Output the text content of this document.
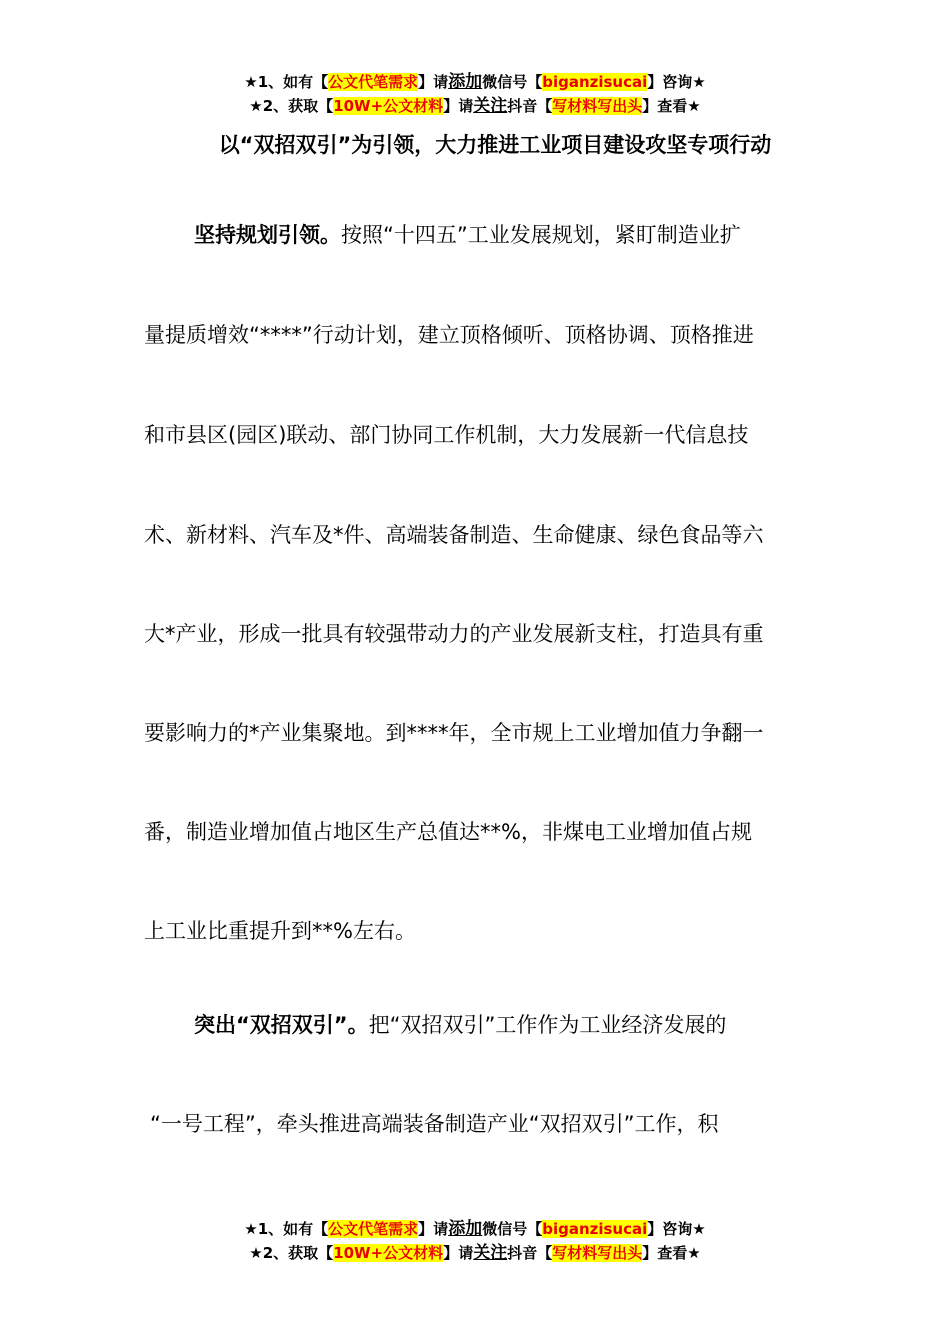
★1、如有【公文代笔需求】请添加微信号【biganzisucai】咨询★
★2、获取【10W+公文材料】请关注抖音【写材料写出头】查看★
以“双招双引”为引领，大力推进工业项目建设攻坚专项行动
坚持规划引领。按照“十四五”工业发展规划，紧盯制造业扩
量提质增效“****”行动计划，建立顶格倾听、顶格协调、顶格推进
和市县区(园区)联动、部门协同工作机制，大力发展新一代信息技
术、新材料、汽车及*件、高端装备制造、生命健康、绿色食品等六
大*产业，形成一批具有较强带动力的产业发展新支柱，打造具有重
要影响力的*产业集聚地。到****年，全市规上工业增加值力争翻一
番，制造业增加值占地区生产总值达**%，非煤电工业增加值占规
上工业比重提升到**%左右。
突出“双招双引”。把“双招双引”工作作为工业经济发展的
“一号工程”，牵头推进高端装备制造产业“双招双引”工作，积
★1、如有【公文代笔需求】请添加微信号【biganzisucai】咨询★
★2、获取【10W+公文材料】请关注抖音【写材料写出头】查看★
